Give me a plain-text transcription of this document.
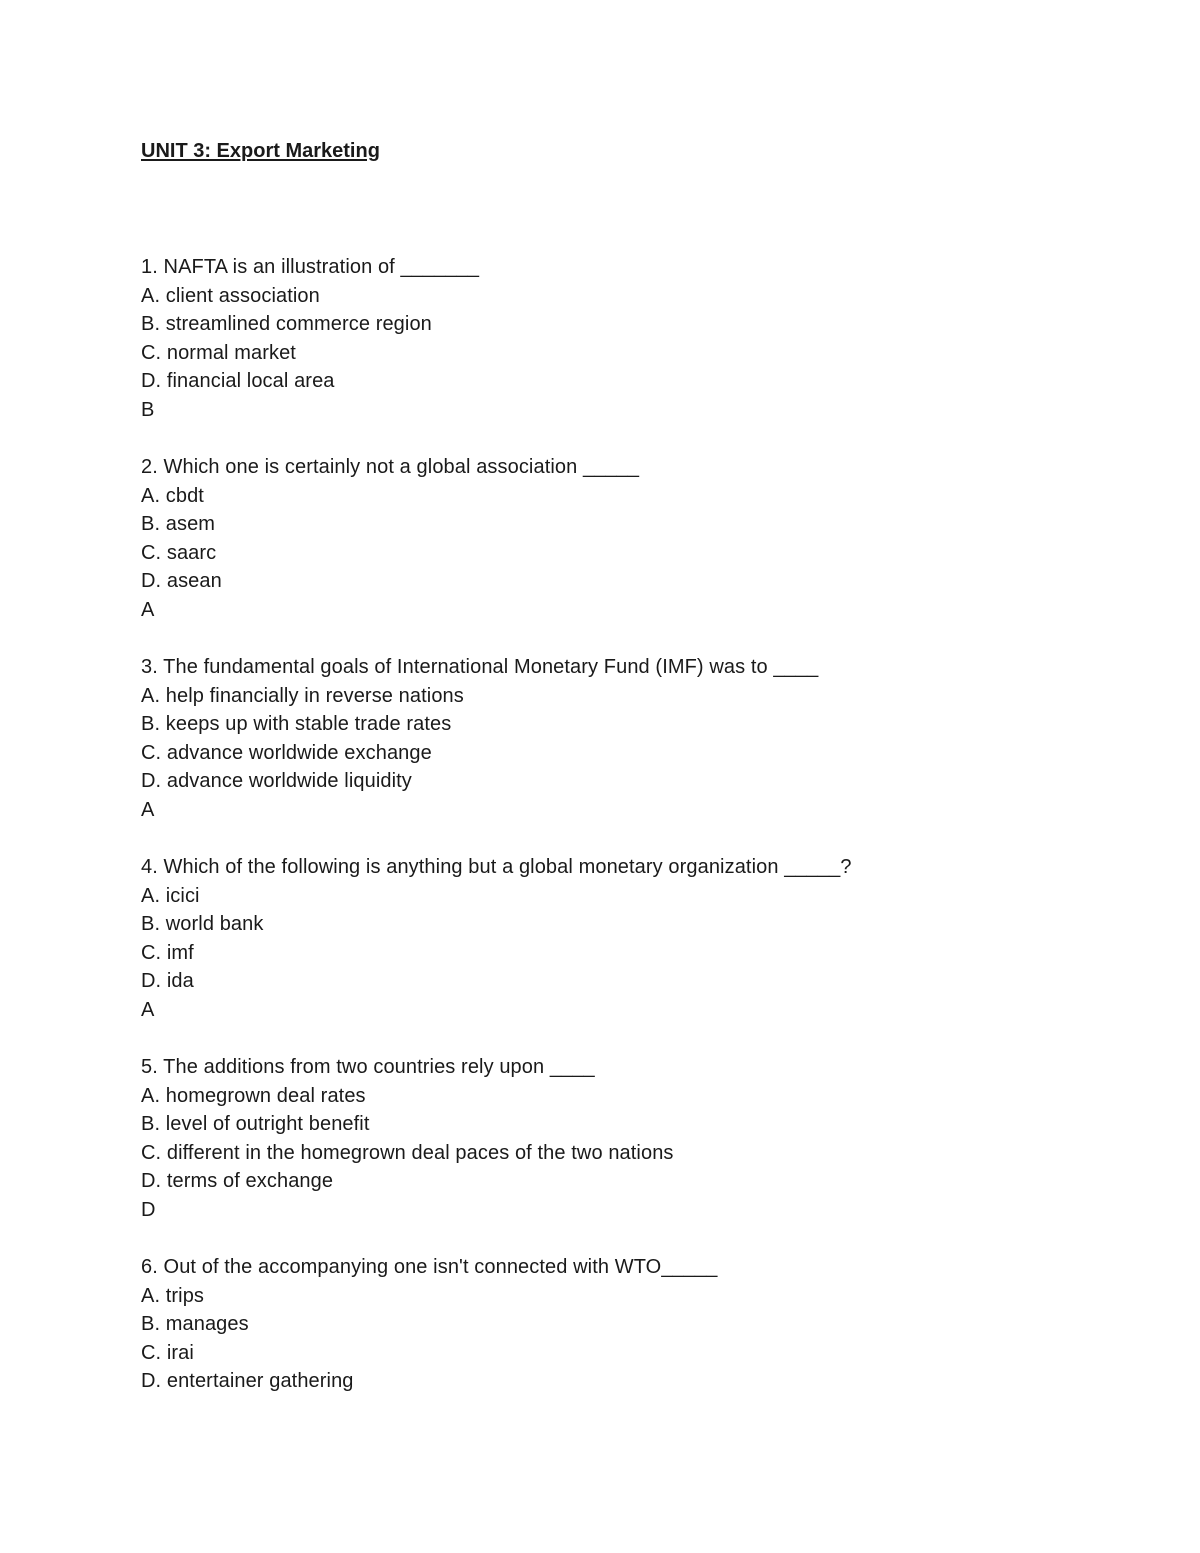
UNIT 3: Export Marketing
1. NAFTA is an illustration of _______
A. client association
B. streamlined commerce region
C. normal market
D. financial local area
B
2. Which one is certainly not a global association _____
A. cbdt
B. asem
C. saarc
D. asean
A
3. The fundamental goals of International Monetary Fund (IMF) was to ____
A. help financially in reverse nations
B. keeps up with stable trade rates
C. advance worldwide exchange
D. advance worldwide liquidity
A
4. Which of the following is anything but a global monetary organization _____?
A. icici
B. world bank
C. imf
D. ida
A
5. The additions from two countries rely upon ____
A. homegrown deal rates
B. level of outright benefit
C. different in the homegrown deal paces of the two nations
D. terms of exchange
D
6. Out of the accompanying one isn't connected with WTO_____
A. trips
B. manages
C. irai
D. entertainer gathering
